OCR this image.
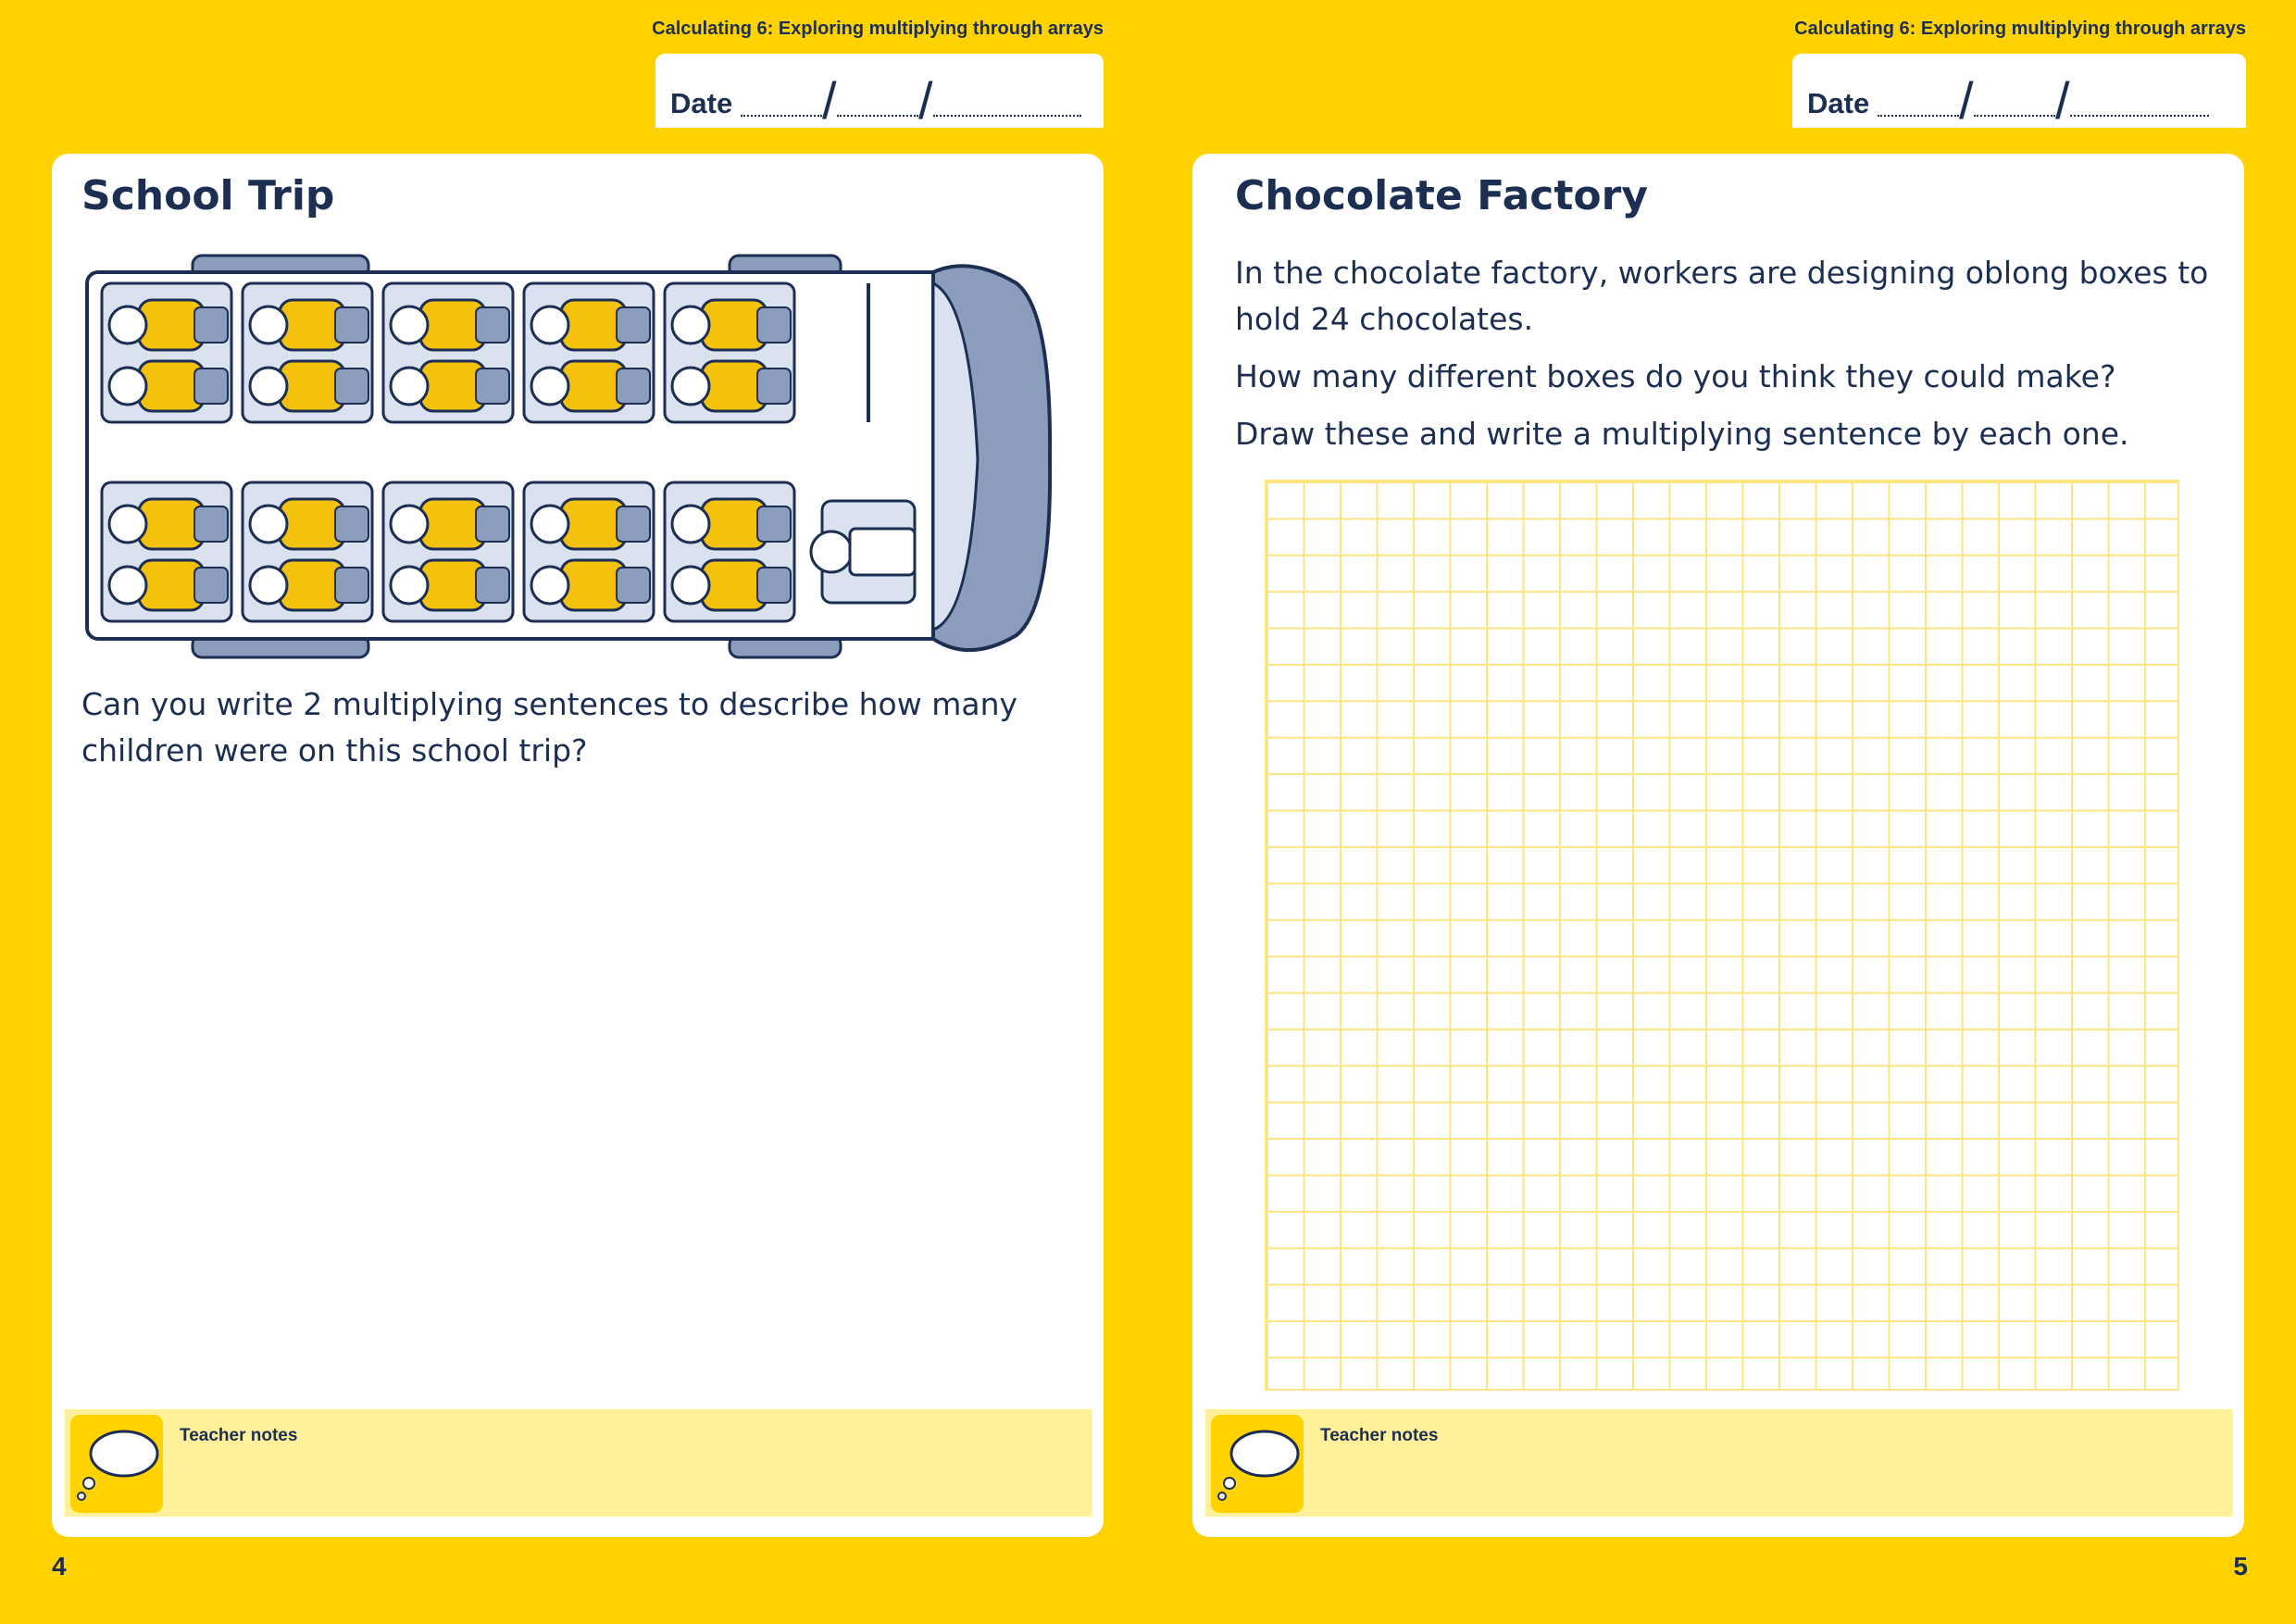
Calculating 6: Exploring multiplying through arrays
Date / /
School Trip
Can you write 2 multiplying sentences to describe how many children were on this school trip?
Teacher notes
4
Calculating 6: Exploring multiplying through arrays
Date / /
Chocolate Factory
In the chocolate factory, workers are designing oblong boxes to hold 24 chocolates.
How many different boxes do you think they could make?
Draw these and write a multiplying sentence by each one.
Teacher notes
5
